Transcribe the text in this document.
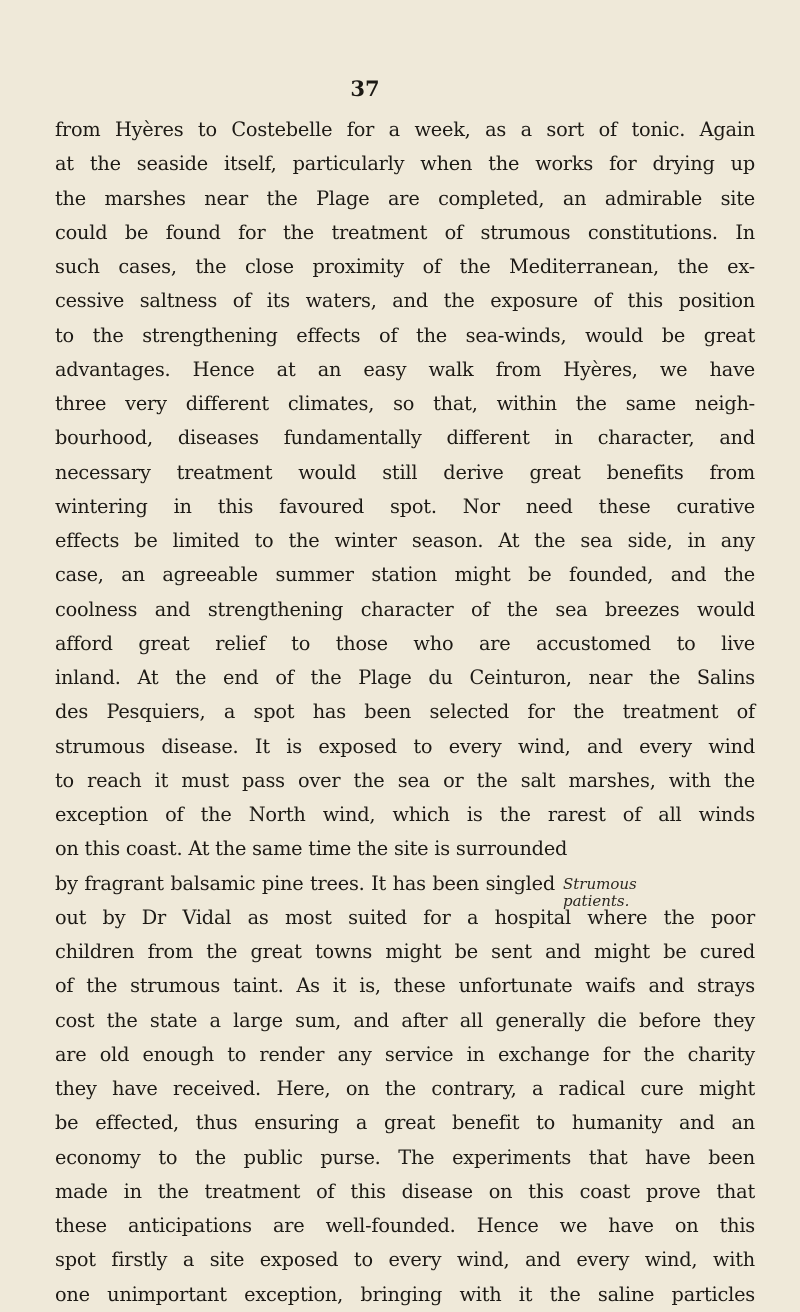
37
from Hyères to Costebelle for a week, as a sort of tonic. Again
at the seaside itself, particularly when the works for drying up
the marshes near the Plage are completed, an admirable site
could be found for the treatment of strumous constitutions. In
such cases, the close proximity of the Mediterranean, the ex-
cessive saltness of its waters, and the exposure of this position
to the strengthening effects of the sea-winds, would be great
advantages. Hence at an easy walk from Hyères, we have
three very different climates, so that, within the same neigh-
bourhood, diseases fundamentally different in character, and
necessary treatment would still derive great benefits from
wintering in this favoured spot. Nor need these curative
effects be limited to the winter season. At the sea side, in any
case, an agreeable summer station might be founded, and the
coolness and strengthening character of the sea breezes would
afford great relief to those who are accustomed to live
inland. At the end of the Plage du Ceinturon, near the Salins
des Pesquiers, a spot has been selected for the treatment of
strumous disease. It is exposed to every wind, and every wind
to reach it must pass over the sea or the salt marshes, with the
exception of the North wind, which is the rarest of all winds
on this coast. At the same time the site is surrounded
by fragrant balsamic pine trees. It has been singled
out by Dr Vidal as most suited for a hospital where the poor
children from the great towns might be sent and might be cured
of the strumous taint. As it is, these unfortunate waifs and strays
cost the state a large sum, and after all generally die before they
are old enough to render any service in exchange for the charity
they have received. Here, on the contrary, a radical cure might
be effected, thus ensuring a great benefit to humanity and an
economy to the public purse. The experiments that have been
made in the treatment of this disease on this coast prove that
these anticipations are well-founded. Hence we have on this
spot firstly a site exposed to every wind, and every wind, with
one unimportant exception, bringing with it the saline particles
Strumous
patients.
